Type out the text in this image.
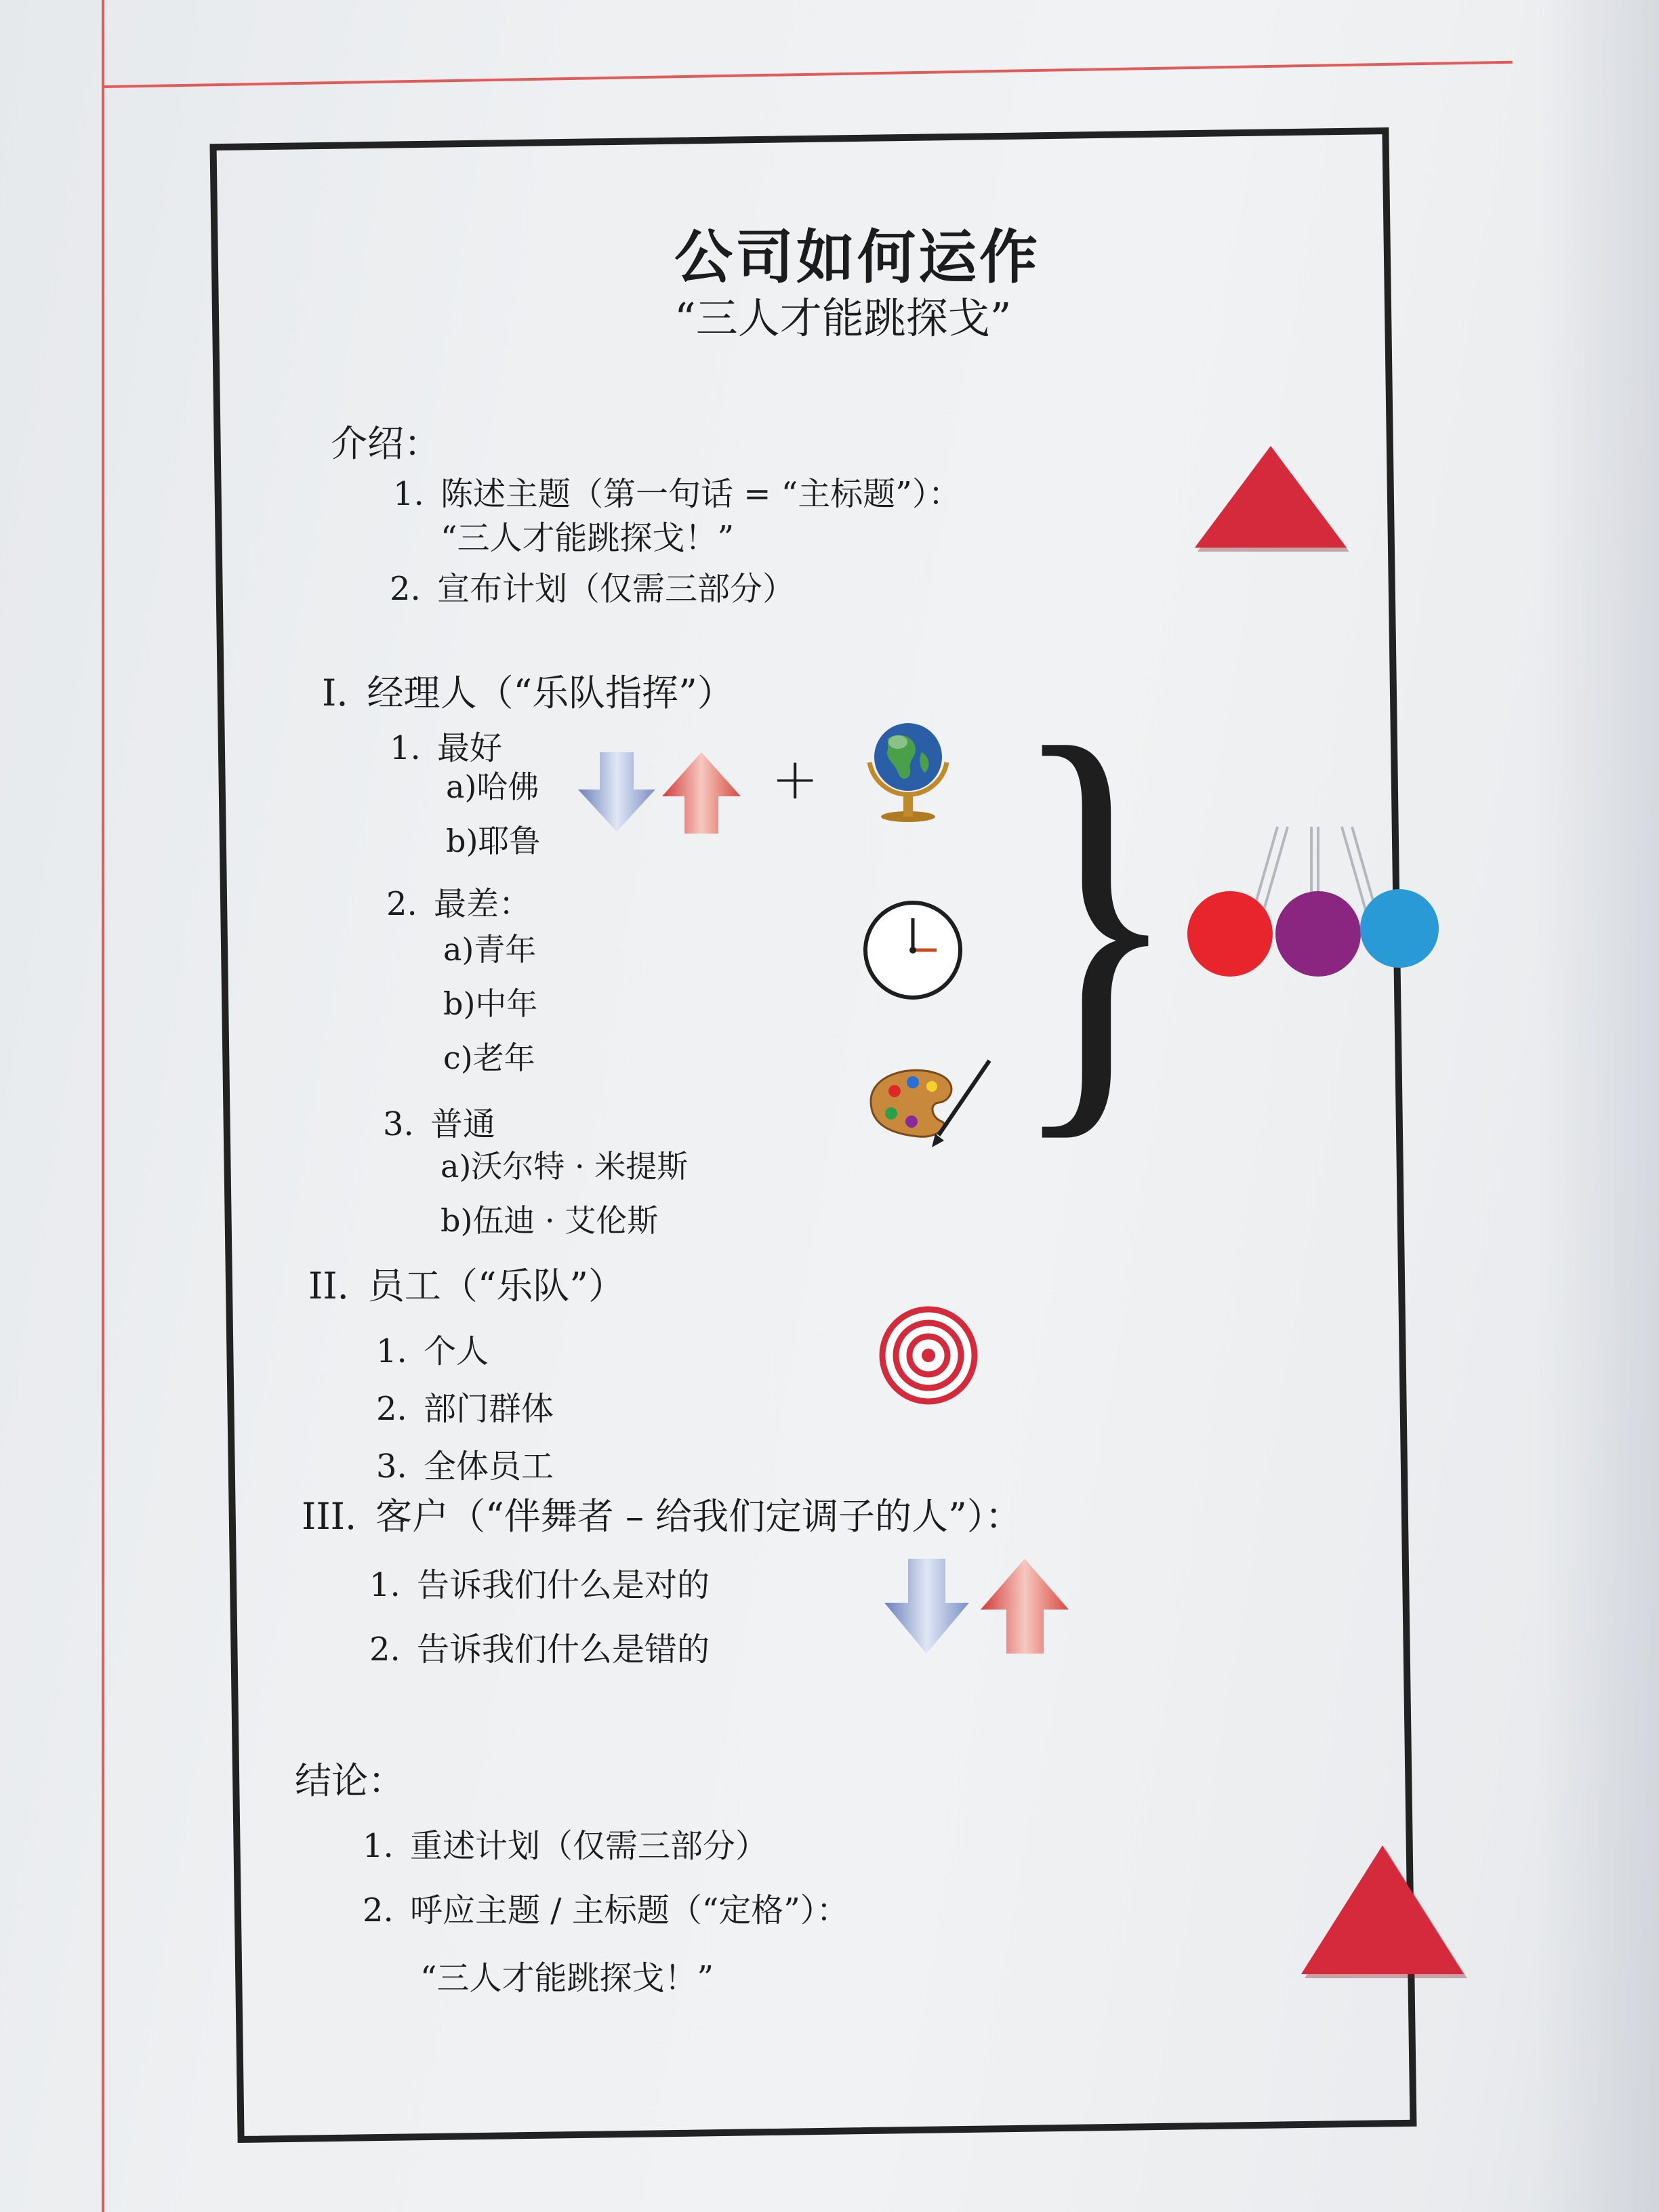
公司如何运作
“三人才能跳探戈”
介绍：
1. 陈述主题（第一句话 = “主标题”）：
“三人才能跳探戈！”
2. 宣布计划（仅需三部分）
I. 经理人（“乐队指挥”）
1. 最好
a)哈佛
b)耶鲁
2. 最差：
a)青年
b)中年
c)老年
3. 普通
a)沃尔特 · 米提斯
b)伍迪 · 艾伦斯
+ }
II. 员工（“乐队”）
1. 个人
2. 部门群体
3. 全体员工
III. 客户（“伴舞者 – 给我们定调子的人”）：
1. 告诉我们什么是对的
2. 告诉我们什么是错的
结论：
1. 重述计划（仅需三部分）
2. 呼应主题 / 主标题（“定格”）：
“三人才能跳探戈！”
